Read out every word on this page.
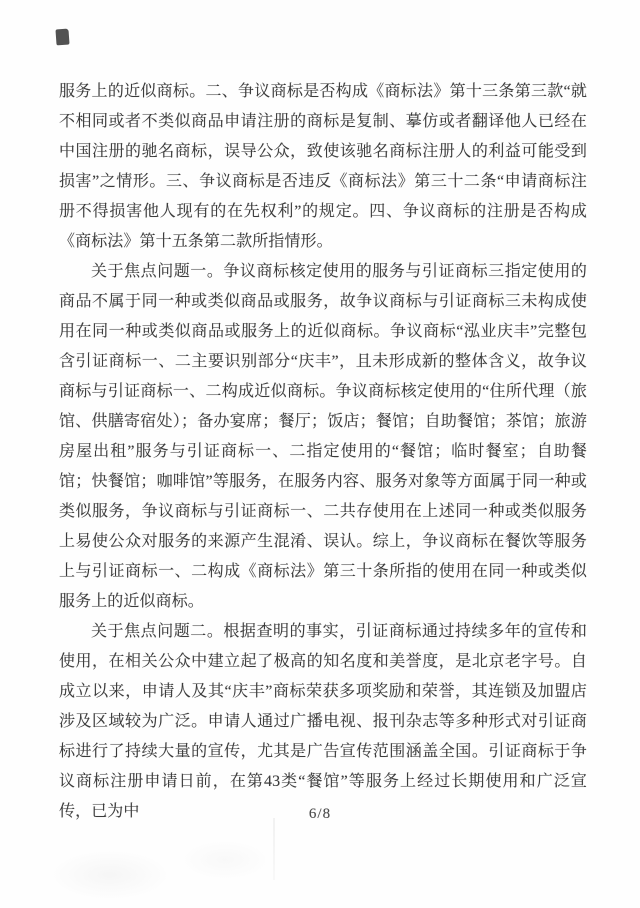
服务上的近似商标。二、争议商标是否构成《商标法》第十三条第三款“就不相同或者不类似商品申请注册的商标是复制、摹仿或者翻译他人已经在中国注册的驰名商标，误导公众，致使该驰名商标注册人的利益可能受到损害”之情形。三、争议商标是否违反《商标法》第三十二条“申请商标注册不得损害他人现有的在先权利”的规定。四、争议商标的注册是否构成《商标法》第十五条第二款所指情形。

关于焦点问题一。争议商标核定使用的服务与引证商标三指定使用的商品不属于同一种或类似商品或服务，故争议商标与引证商标三未构成使用在同一种或类似商品或服务上的近似商标。争议商标“泓业庆丰”完整包含引证商标一、二主要识别部分“庆丰”，且未形成新的整体含义，故争议商标与引证商标一、二构成近似商标。争议商标核定使用的“住所代理（旅馆、供膳寄宿处）；备办宴席；餐厅；饭店；餐馆；自助餐馆；茶馆；旅游房屋出租”服务与引证商标一、二指定使用的“餐馆；临时餐室；自助餐馆；快餐馆；咖啡馆”等服务，在服务内容、服务对象等方面属于同一种或类似服务，争议商标与引证商标一、二共存使用在上述同一种或类似服务上易使公众对服务的来源产生混淆、误认。综上，争议商标在餐饮等服务上与引证商标一、二构成《商标法》第三十条所指的使用在同一种或类似服务上的近似商标。

关于焦点问题二。根据查明的事实，引证商标通过持续多年的宣传和使用，在相关公众中建立起了极高的知名度和美誉度，是北京老字号。自成立以来，申请人及其“庆丰”商标荣获多项奖励和荣誉，其连锁及加盟店涉及区域较为广泛。申请人通过广播电视、报刊杂志等多种形式对引证商标进行了持续大量的宣传，尤其是广告宣传范围涵盖全国。引证商标于争议商标注册申请日前，在第43类“餐馆”等服务上经过长期使用和广泛宣传，已为中	6/8
